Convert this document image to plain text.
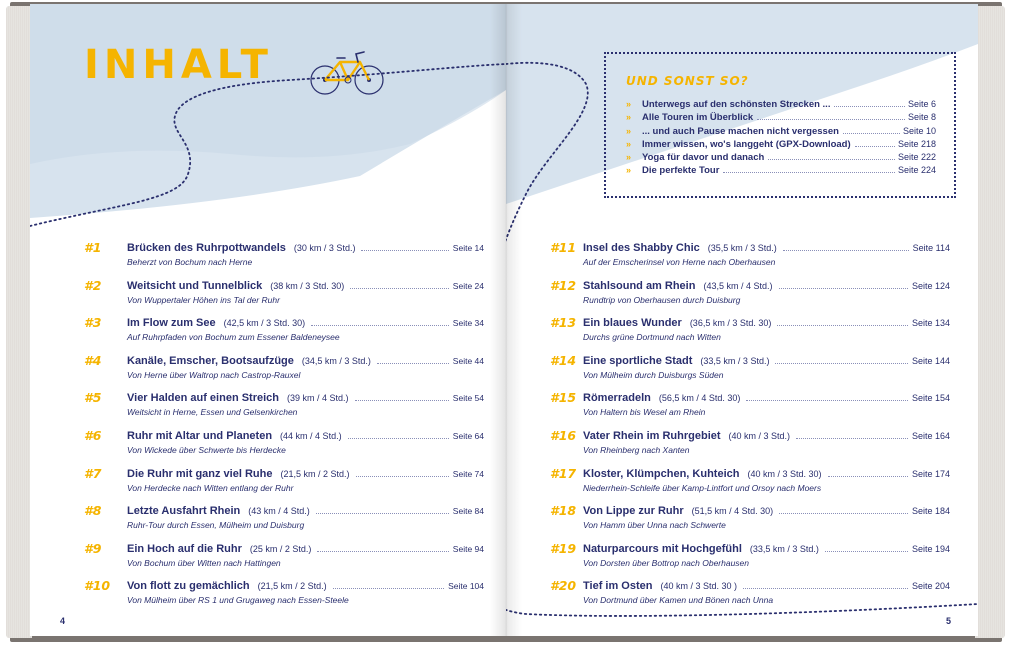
INHALT
#1 Brücken des Ruhrpottwandels (30 km / 3 Std.)	Seite 14
Beherzt von Bochum nach Herne
#2 Weitsicht und Tunnelblick (38 km / 3 Std. 30)	Seite 24
Von Wuppertaler Höhen ins Tal der Ruhr
#3 Im Flow zum See (42,5 km / 3 Std. 30)	Seite 34
Auf Ruhrpfaden von Bochum zum Essener Baldeneysee
#4 Kanäle, Emscher, Bootsaufzüge (34,5 km / 3 Std.)	Seite 44
Von Herne über Waltrop nach Castrop-Rauxel
#5 Vier Halden auf einen Streich (39 km / 4 Std.)	Seite 54
Weitsicht in Herne, Essen und Gelsenkirchen
#6 Ruhr mit Altar und Planeten (44 km / 4 Std.)	Seite 64
Von Wickede über Schwerte bis Herdecke
#7 Die Ruhr mit ganz viel Ruhe (21,5 km / 2 Std.)	Seite 74
Von Herdecke nach Witten entlang der Ruhr
#8 Letzte Ausfahrt Rhein (43 km / 4 Std.)	Seite 84
Ruhr-Tour durch Essen, Mülheim und Duisburg
#9 Ein Hoch auf die Ruhr (25 km / 2 Std.)	Seite 94
Von Bochum über Witten nach Hattingen
#10 Von flott zu gemächlich (21,5 km / 2 Std.)	Seite 104
Von Mülheim über RS 1 und Grugaweg nach Essen-Steele
4
UND SONST SO?
»	Unterwegs auf den schönsten Strecken ...	Seite 6
»	Alle Touren im Überblick	Seite 8
»	... und auch Pause machen nicht vergessen	Seite 10
»	Immer wissen, wo's langgeht (GPX-Download)	Seite 218
»	Yoga für davor und danach	Seite 222
»	Die perfekte Tour	Seite 224
#11 Insel des Shabby Chic (35,5 km / 3 Std.)	Seite 114
Auf der Emscherinsel von Herne nach Oberhausen
#12 Stahlsound am Rhein (43,5 km / 4 Std.)	Seite 124
Rundtrip von Oberhausen durch Duisburg
#13 Ein blaues Wunder (36,5 km / 3 Std. 30)	Seite 134
Durchs grüne Dortmund nach Witten
#14 Eine sportliche Stadt (33,5 km / 3 Std.)	Seite 144
Von Mülheim durch Duisburgs Süden
#15 Römerradeln (56,5 km / 4 Std. 30)	Seite 154
Von Haltern bis Wesel am Rhein
#16 Vater Rhein im Ruhrgebiet (40 km / 3 Std.)	Seite 164
Von Rheinberg nach Xanten
#17 Kloster, Klümpchen, Kuhteich (40 km / 3 Std. 30)	Seite 174
Niederrhein-Schleife über Kamp-Lintfort und Orsoy nach Moers
#18 Von Lippe zur Ruhr (51,5 km / 4 Std. 30)	Seite 184
Von Hamm über Unna nach Schwerte
#19 Naturparcours mit Hochgefühl (33,5 km / 3 Std.)	Seite 194
Von Dorsten über Bottrop nach Oberhausen
#20 Tief im Osten (40 km / 3 Std. 30 )	Seite 204
Von Dortmund über Kamen und Bönen nach Unna
5
